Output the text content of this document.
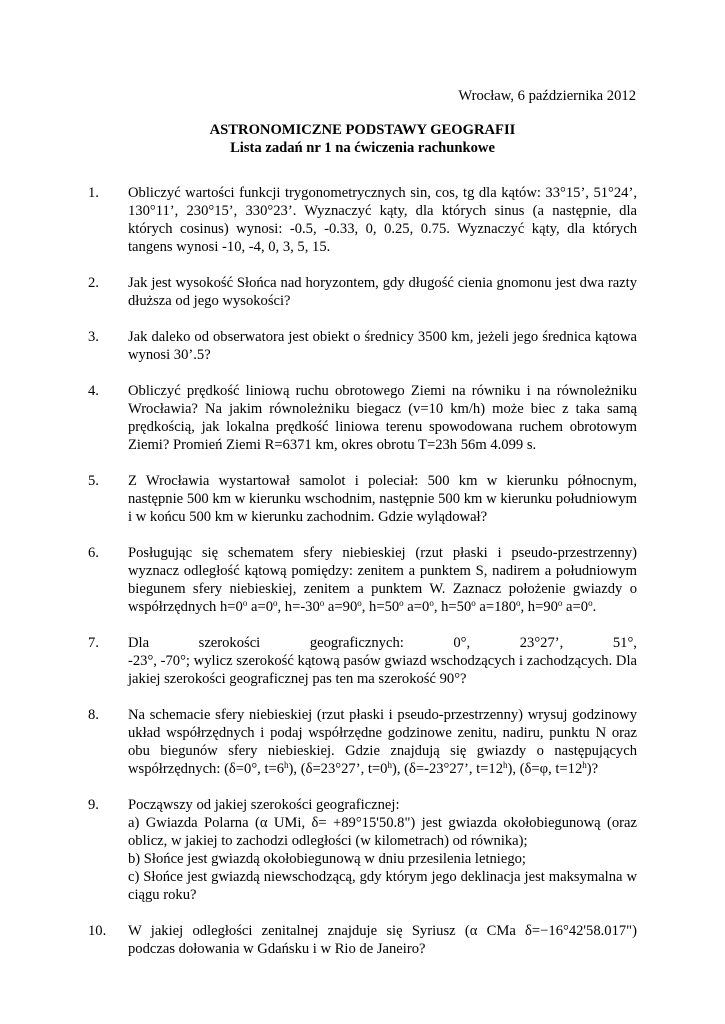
Wrocław, 6 października 2012
ASTRONOMICZNE PODSTAWY GEOGRAFII
Lista zadań nr 1 na ćwiczenia rachunkowe
1.	Obliczyć wartości funkcji trygonometrycznych sin, cos, tg dla kątów: 33°15’, 51°24’, 130°11’, 230°15’, 330°23’. Wyznaczyć kąty, dla których sinus (a następnie, dla których cosinus) wynosi: -0.5, -0.33, 0, 0.25, 0.75. Wyznaczyć kąty, dla których tangens wynosi -10, -4, 0, 3, 5, 15.
2.	Jak jest wysokość Słońca nad horyzontem, gdy długość cienia gnomonu jest dwa razty dłuższa od jego wysokości?
3.	Jak daleko od obserwatora jest obiekt o średnicy 3500 km, jeżeli jego średnica kątowa wynosi 30’.5?
4.	Obliczyć prędkość liniową ruchu obrotowego Ziemi na równiku i na równoleżniku Wrocławia? Na jakim równoleżniku biegacz (v=10 km/h) może biec z taka samą prędkością, jak lokalna prędkość liniowa terenu spowodowana ruchem obrotowym Ziemi? Promień Ziemi R=6371 km, okres obrotu T=23h 56m 4.099 s.
5.	Z Wrocławia wystartował samolot i poleciał: 500 km w kierunku północnym, następnie 500 km w kierunku wschodnim, następnie 500 km w kierunku południowym i w końcu 500 km w kierunku zachodnim. Gdzie wylądował?
6.	Posługując się schematem sfery niebieskiej (rzut płaski i pseudo-przestrzenny) wyznacz odległość kątową pomiędzy: zenitem a punktem S, nadirem a południowym biegunem sfery niebieskiej, zenitem a punktem W. Zaznacz położenie gwiazdy o współrzędnych $h=0^o$ $a=0^o$, $h=-30^o$ $a=90^o$, $h=50^o$ $a=0^o$, $h=50^o$ $a=180^o$, $h=90^o$ $a=0^o$.
7.	Dla	szerokości	geograficznych:	0°,	23°27’,	51°,
-23°, -70°; wylicz szerokość kątową pasów gwiazd wschodzących i zachodzących. Dla jakiej szerokości geograficznej pas ten ma szerokość 90°?
8.	Na schemacie sfery niebieskiej (rzut płaski i pseudo-przestrzenny) wrysuj godzinowy układ współrzędnych i podaj współrzędne godzinowe zenitu, nadiru, punktu N oraz obu biegunów sfery niebieskiej. Gdzie znajdują się gwiazdy o następujących współrzędnych: (δ=0°, $t=6^h$), (δ=23°27’, $t=0^h$), (δ=-23°27’, $t=12^h$), (δ=φ, $t=12^h$)?
9.	Począwszy od jakiej szerokości geograficznej:
a) Gwiazda Polarna (α UMi, δ= +89°15'50.8") jest gwiazda okołobiegunową (oraz oblicz, w jakiej to zachodzi odległości (w kilometrach) od równika);
b) Słońce jest gwiazdą okołobiegunową w dniu przesilenia letniego;
c) Słońce jest gwiazdą niewschodzącą, gdy którym jego deklinacja jest maksymalna w ciągu roku?
10.	W jakiej odległości zenitalnej znajduje się Syriusz (α CMa δ=−16°42'58.017") podczas dołowania w Gdańsku i w Rio de Janeiro?
